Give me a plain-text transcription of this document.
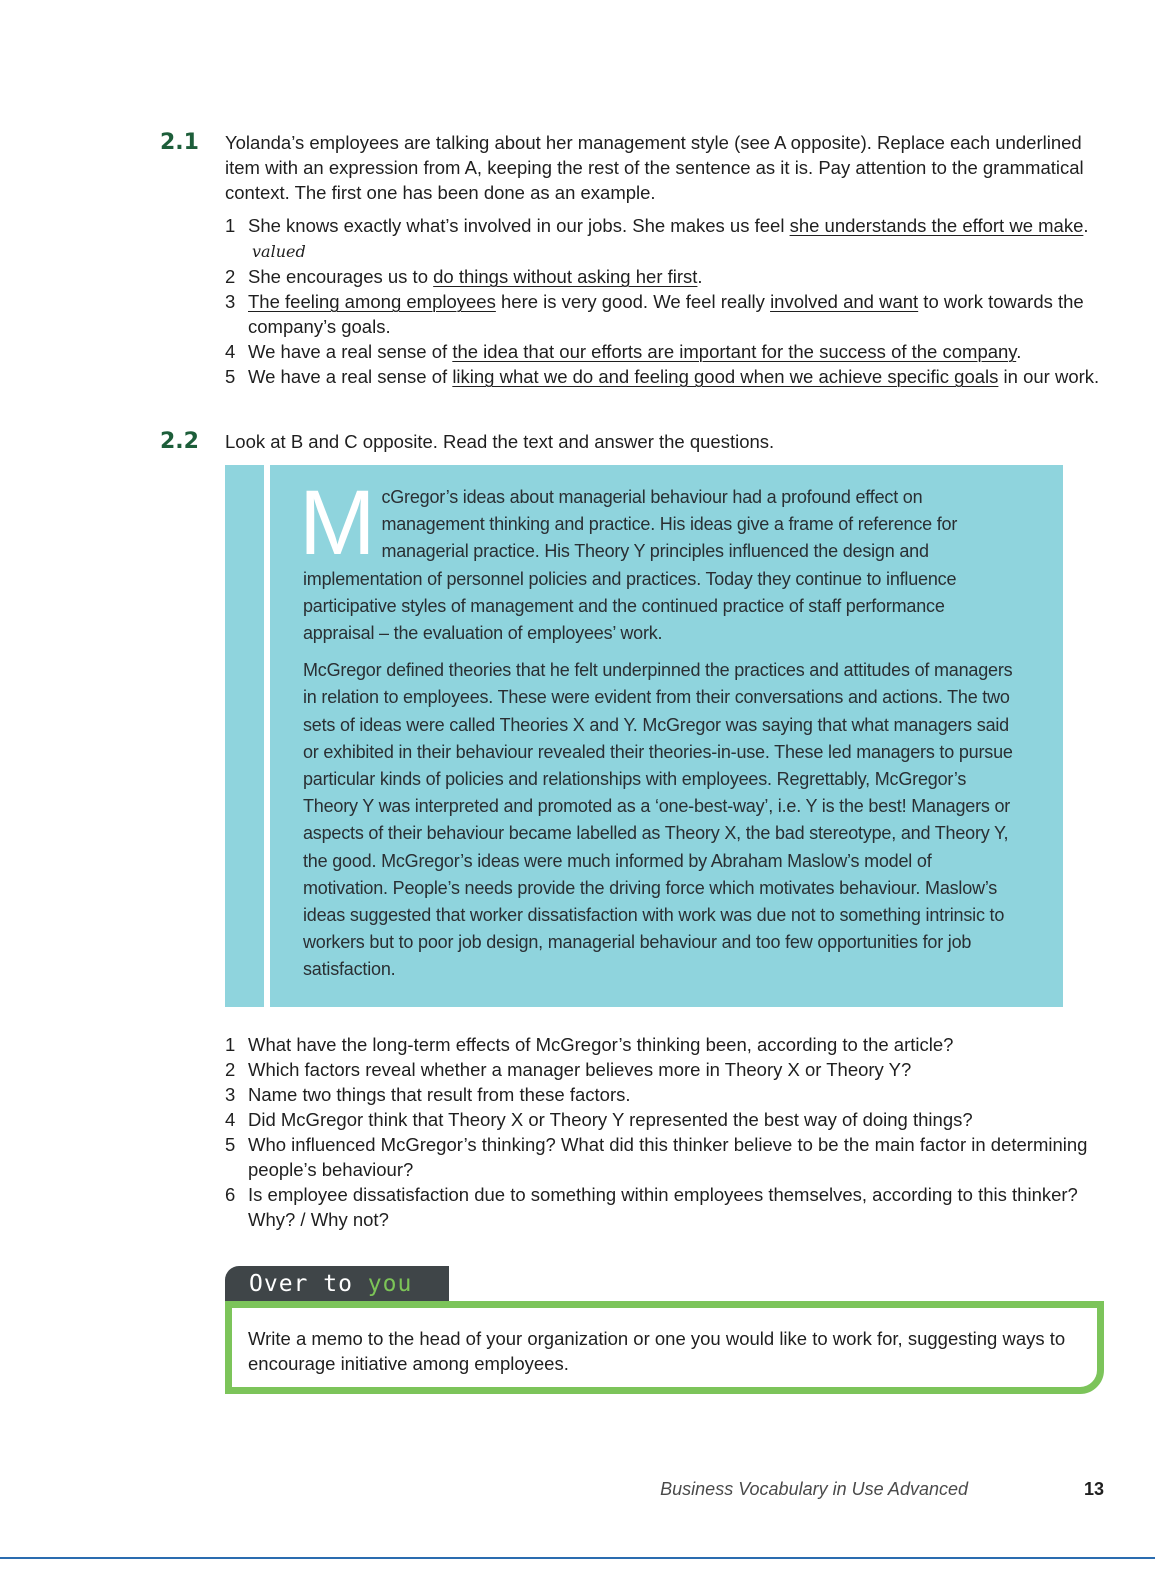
2.1 Yolanda’s employees are talking about her management style (see A opposite). Replace each underlined item with an expression from A, keeping the rest of the sentence as it is. Pay attention to the grammatical context. The first one has been done as an example.

1 She knows exactly what’s involved in our jobs. She makes us feel she understands the effort we make. valued
2 She encourages us to do things without asking her first.
3 The feeling among employees here is very good. We feel really involved and want to work towards the company’s goals.
4 We have a real sense of the idea that our efforts are important for the success of the company.
5 We have a real sense of liking what we do and feeling good when we achieve specific goals in our work.
2.2 Look at B and C opposite. Read the text and answer the questions.

McGregor’s ideas about managerial behaviour had a profound effect on management thinking and practice. His ideas give a frame of reference for managerial practice. His Theory Y principles influenced the design and implementation of personnel policies and practices. Today they continue to influence participative styles of management and the continued practice of staff performance appraisal – the evaluation of employees’ work.

McGregor defined theories that he felt underpinned the practices and attitudes of managers in relation to employees. These were evident from their conversations and actions. The two sets of ideas were called Theories X and Y. McGregor was saying that what managers said or exhibited in their behaviour revealed their theories-in-use. These led managers to pursue particular kinds of policies and relationships with employees. Regrettably, McGregor’s Theory Y was interpreted and promoted as a ‘one-best-way’, i.e. Y is the best! Managers or aspects of their behaviour became labelled as Theory X, the bad stereotype, and Theory Y, the good. McGregor’s ideas were much informed by Abraham Maslow’s model of motivation. People’s needs provide the driving force which motivates behaviour. Maslow’s ideas suggested that worker dissatisfaction with work was due not to something intrinsic to workers but to poor job design, managerial behaviour and too few opportunities for job satisfaction.

1 What have the long-term effects of McGregor’s thinking been, according to the article?
2 Which factors reveal whether a manager believes more in Theory X or Theory Y?
3 Name two things that result from these factors.
4 Did McGregor think that Theory X or Theory Y represented the best way of doing things?
5 Who influenced McGregor’s thinking? What did this thinker believe to be the main factor in determining people’s behaviour?
6 Is employee dissatisfaction due to something within employees themselves, according to this thinker? Why? / Why not?
Over to you
Write a memo to the head of your organization or one you would like to work for, suggesting ways to encourage initiative among employees.
Business Vocabulary in Use Advanced	13
